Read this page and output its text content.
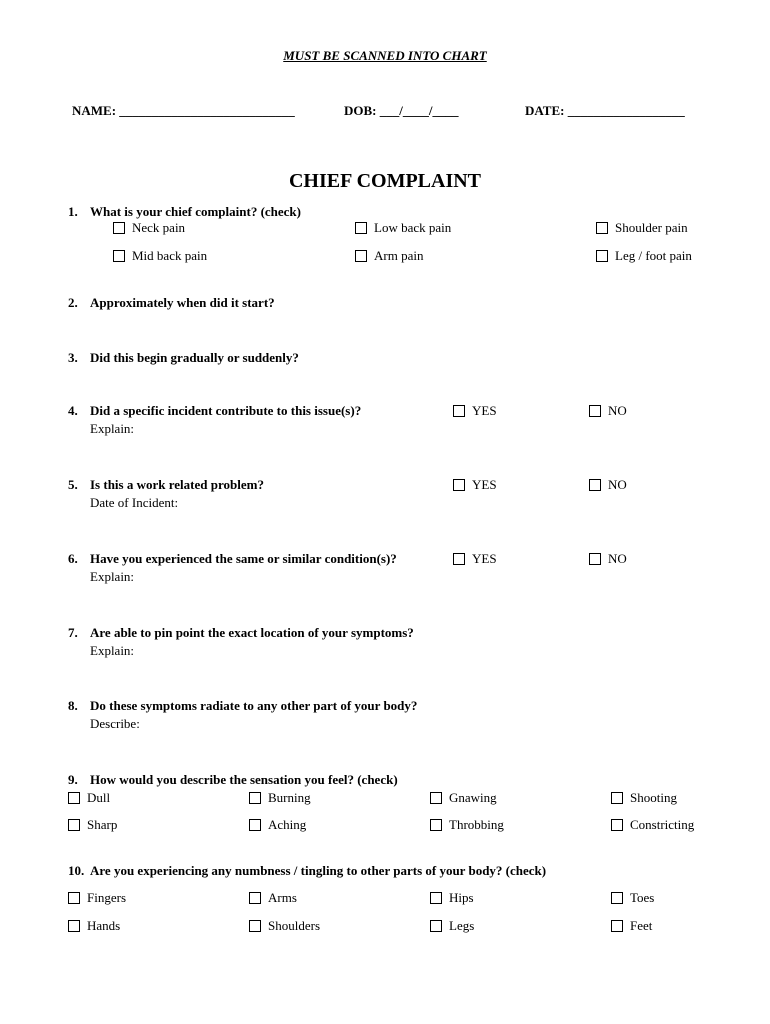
MUST BE SCANNED INTO CHART
NAME: ___________________________	DOB: ___/____/____	DATE: __________________
CHIEF COMPLAINT
1. What is your chief complaint? (check)
Neck pain	Low back pain	Shoulder pain
Mid back pain	Arm pain	Leg / foot pain
2. Approximately when did it start?
3. Did this begin gradually or suddenly?
4. Did a specific incident contribute to this issue(s)?
Explain:
YES	NO
5. Is this a work related problem?
Date of Incident:
YES	NO
6. Have you experienced the same or similar condition(s)?
Explain:
YES	NO
7. Are able to pin point the exact location of your symptoms?
Explain:
8. Do these symptoms radiate to any other part of your body?
Describe:
9. How would you describe the sensation you feel? (check)
Dull	Burning	Gnawing	Shooting
Sharp	Aching	Throbbing	Constricting
10. Are you experiencing any numbness / tingling to other parts of your body? (check)
Fingers	Arms	Hips	Toes
Hands	Shoulders	Legs	Feet
